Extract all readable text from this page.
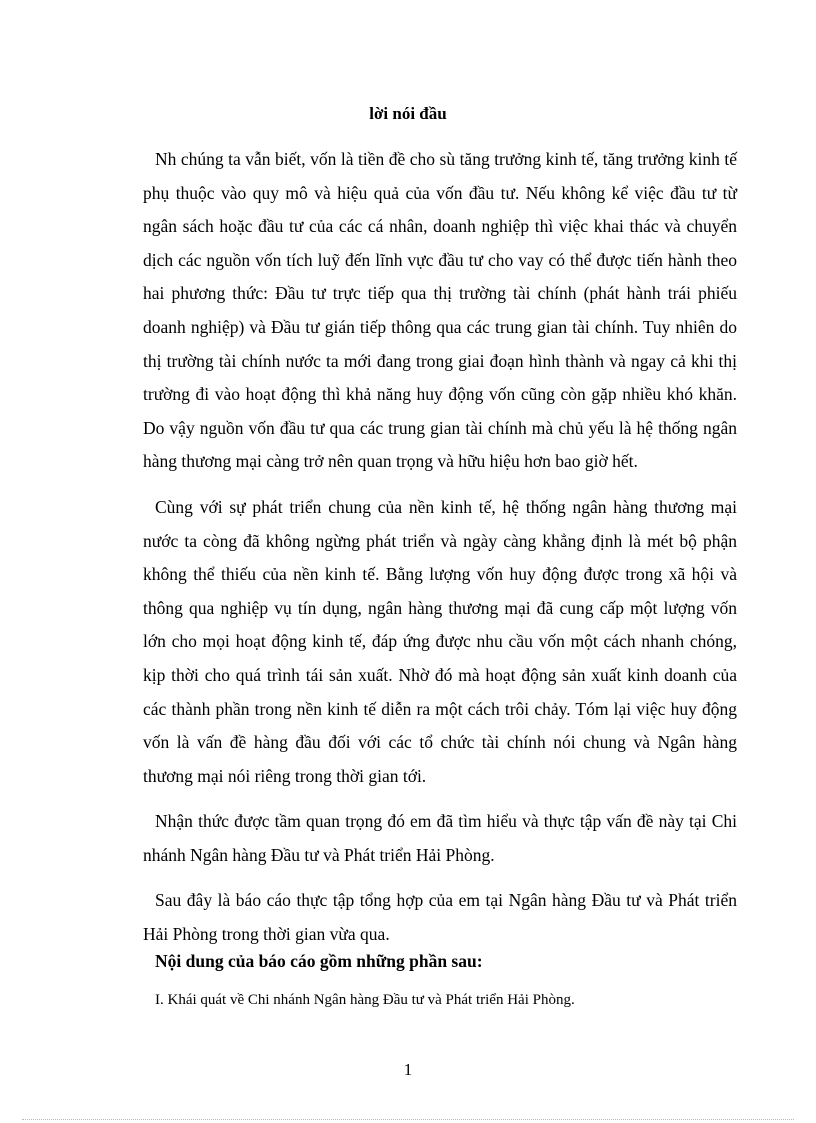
lời nói đầu

Nh chúng ta vẫn biết, vốn là tiền đề cho sù tăng trưởng kinh tế, tăng trưởng kinh tế phụ thuộc vào quy mô và hiệu quả của vốn đầu tư. Nếu không kể việc đầu tư từ ngân sách hoặc đầu tư của các cá nhân, doanh nghiệp thì việc khai thác và chuyển dịch các nguồn vốn tích luỹ đến lĩnh vực đầu tư cho vay có thể được tiến hành theo hai phương thức: Đầu tư trực tiếp qua thị trường tài chính (phát hành trái phiếu doanh nghiệp) và Đầu tư gián tiếp thông qua các trung gian tài chính. Tuy nhiên do thị trường tài chính nước ta mới đang trong giai đoạn hình thành và ngay cả khi thị trường đi vào hoạt động thì khả năng huy động vốn cũng còn gặp nhiều khó khăn. Do vậy nguồn vốn đầu tư qua các trung gian tài chính mà chủ yếu là hệ thống ngân hàng thương mại càng trở nên quan trọng và hữu hiệu hơn bao giờ hết.

Cùng với sự phát triển chung của nền kinh tế, hệ thống ngân hàng thương mại nước ta còng đã không ngừng phát triển và ngày càng khẳng định là mét bộ phận không thể thiếu của nền kinh tế. Bằng lượng vốn huy động được trong xã hội và thông qua nghiệp vụ tín dụng, ngân hàng thương mại đã cung cấp một lượng vốn lớn cho mọi hoạt động kinh tế, đáp ứng được nhu cầu vốn một cách nhanh chóng, kịp thời cho quá trình tái sản xuất. Nhờ đó mà hoạt động sản xuất kinh doanh của các thành phần trong nền kinh tế diễn ra một cách trôi chảy. Tóm lại việc huy động vốn là vấn đề hàng đầu đối với các tổ chức tài chính nói chung và Ngân hàng thương mại nói riêng trong thời gian tới.

Nhận thức được tầm quan trọng đó em đã tìm hiểu và thực tập vấn đề này tại Chi nhánh Ngân hàng Đầu tư và Phát triển Hải Phòng.

Sau đây là báo cáo thực tập tổng hợp của em tại Ngân hàng Đầu tư và Phát triển Hải Phòng trong thời gian vừa qua.

Nội dung của báo cáo gồm những phần sau:
I. Khái quát về Chi nhánh Ngân hàng Đầu tư và Phát triển Hải Phòng.
1
